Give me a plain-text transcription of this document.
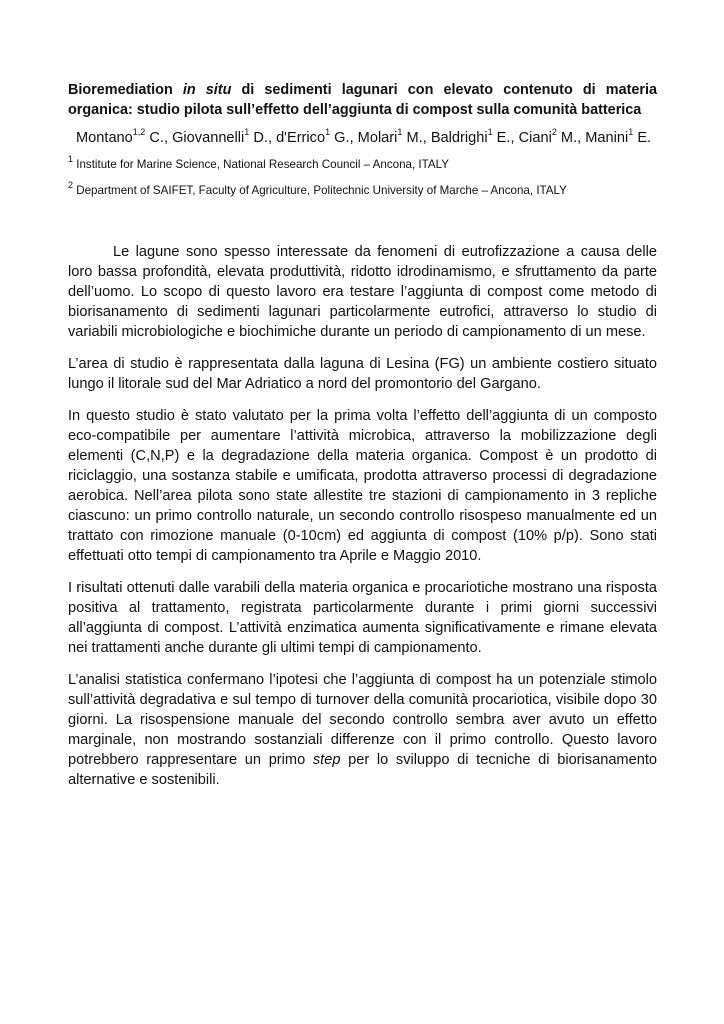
Bioremediation in situ di sedimenti lagunari con elevato contenuto di materia organica: studio pilota sull’effetto dell’aggiunta di compost sulla comunità batterica

Montano$^{1,2}$ C., Giovannelli$^1$ D., d'Errico$^1$ G., Molari$^1$ M., Baldrighi$^1$ E., Ciani$^2$ M., Manini$^1$ E.

$^1$ Institute for Marine Science, National Research Council – Ancona, ITALY

$^2$ Department of SAIFET, Faculty of Agriculture, Politechnic University of Marche – Ancona, ITALY

Le lagune sono spesso interessate da fenomeni di eutrofizzazione a causa delle loro bassa profondità, elevata produttività, ridotto idrodinamismo, e sfruttamento da parte dell’uomo. Lo scopo di questo lavoro era testare l’aggiunta di compost come metodo di biorisanamento di sedimenti lagunari particolarmente eutrofici, attraverso lo studio di variabili microbiologiche e biochimiche durante un periodo di campionamento di un mese.

L’area di studio è rappresentata dalla laguna di Lesina (FG) un ambiente costiero situato lungo il litorale sud del Mar Adriatico a nord del promontorio del Gargano.

In questo studio è stato valutato per la prima volta l’effetto dell’aggiunta di un composto eco-compatibile per aumentare l’attività microbica, attraverso la mobilizzazione degli elementi (C,N,P) e la degradazione della materia organica. Compost è un prodotto di riciclaggio, una sostanza stabile e umificata, prodotta attraverso processi di degradazione aerobica. Nell’area pilota sono state allestite tre stazioni di campionamento in 3 repliche ciascuno: un primo controllo naturale, un secondo controllo risospeso manualmente ed un trattato con rimozione manuale (0-10cm) ed aggiunta di compost (10% p/p). Sono stati effettuati otto tempi di campionamento tra Aprile e Maggio 2010.

I risultati ottenuti dalle varabili della materia organica e procariotiche mostrano una risposta positiva al trattamento, registrata particolarmente durante i primi giorni successivi all’aggiunta di compost. L’attività enzimatica aumenta significativamente e rimane elevata nei trattamenti anche durante gli ultimi tempi di campionamento.

L’analisi statistica confermano l’ipotesi che l’aggiunta di compost ha un potenziale stimolo sull’attività degradativa e sul tempo di turnover della comunità procariotica, visibile dopo 30 giorni. La risospensione manuale del secondo controllo sembra aver avuto un effetto marginale, non mostrando sostanziali differenze con il primo controllo. Questo lavoro potrebbero rappresentare un primo step per lo sviluppo di tecniche di biorisanamento alternative e sostenibili.
